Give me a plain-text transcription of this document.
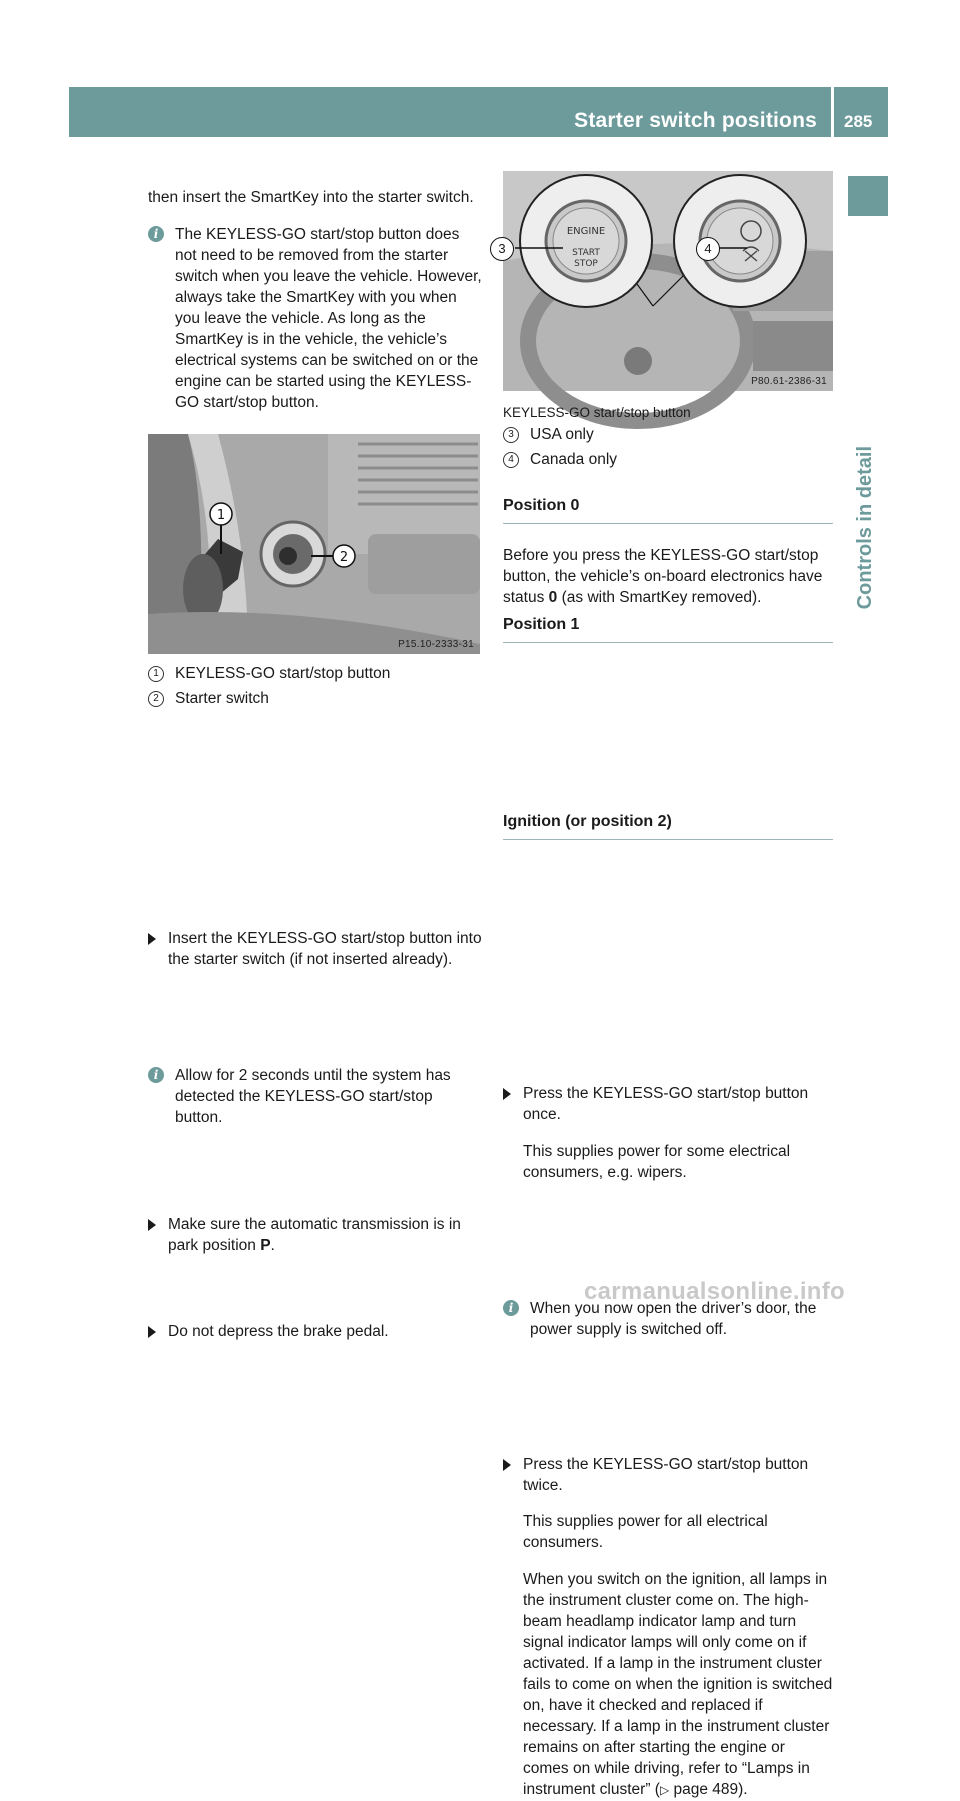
Starter switch positions 285
Controls in detail

then insert the SmartKey into the starter switch.

i	The KEYLESS-GO start/stop button does not need to be removed from the starter switch when you leave the vehicle. However, always take the SmartKey with you when you leave the vehicle. As long as the SmartKey is in the vehicle, the vehicle’s electrical systems can be switched on or the engine can be started using the KEYLESS-GO start/stop button.

1
2
P15.10-2333-31
1	KEYLESS-GO start/stop button
2	Starter switch

Insert the KEYLESS-GO start/stop button into the starter switch (if not inserted already).

i	Allow for 2 seconds until the system has detected the KEYLESS-GO start/stop button.

Make sure the automatic transmission is in park position P.

Do not depress the brake pedal.

ENGINE
START
STOP
P80.61-2386-31
3	4
KEYLESS-GO start/stop button
3	USA only
4	Canada only
Position 0

Before you press the KEYLESS-GO start/stop button, the vehicle’s on-board electronics have status 0 (as with SmartKey removed).

Position 1

Press the KEYLESS-GO start/stop button once.

This supplies power for some electrical consumers, e.g. wipers.

i	When you now open the driver’s door, the power supply is switched off.

Ignition (or position 2)

Press the KEYLESS-GO start/stop button twice.

This supplies power for all electrical consumers.

When you switch on the ignition, all lamps in the instrument cluster come on. The high-beam headlamp indicator lamp and turn signal indicator lamps will only come on if activated. If a lamp in the instrument cluster fails to come on when the ignition is switched on, have it checked and replaced if necessary. If a lamp in the instrument cluster remains on after starting the engine or comes on while driving, refer to “Lamps in instrument cluster” (▷ page 489).

carmanualsonline.info
